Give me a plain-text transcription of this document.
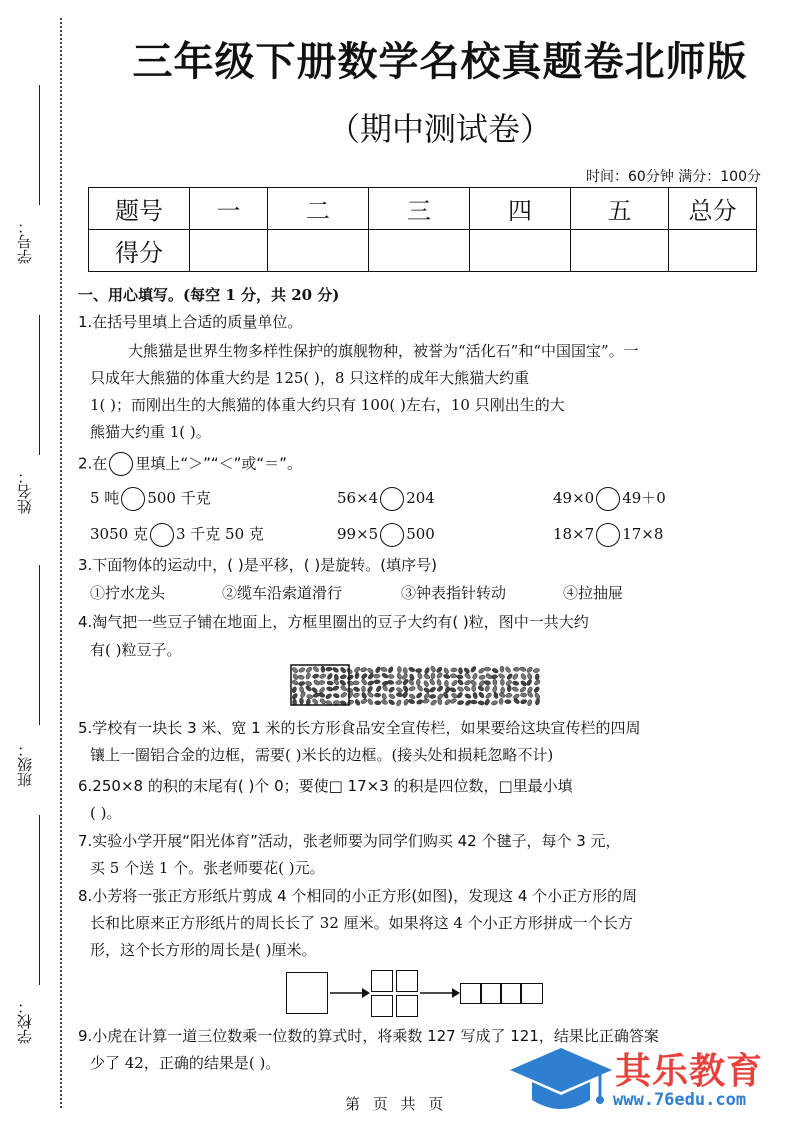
学号：
姓名：
班级：
学校：
三年级下册数学名校真题卷北师版
（期中测试卷）
时间：60分钟 满分：100分
题号	一	二	三	四	五	总分
得分						
一、用心填写。(每空 1 分，共 20 分)
1.在括号里填上合适的质量单位。
大熊猫是世界生物多样性保护的旗舰物种，被誉为“活化石”和“中国国宝”。一
只成年大熊猫的体重大约是 125( )，8 只这样的成年大熊猫大约重
1( )；而刚出生的大熊猫的体重大约只有 100( )左右，10 只刚出生的大
熊猫大约重 1( )。
2.在 里填上“＞”“＜”或“＝”。
5 吨 500 千克	56×4 204	49×0 49＋0
3050 克 3 千克 50 克	99×5 500	18×7 17×8
3.下面物体的运动中，( )是平移，( )是旋转。(填序号)
①拧水龙头	②缆车沿索道滑行	③钟表指针转动	④拉抽屉
4.淘气把一些豆子铺在地面上，方框里圈出的豆子大约有( )粒，图中一共大约
有( )粒豆子。
5.学校有一块长 3 米、宽 1 米的长方形食品安全宣传栏，如果要给这块宣传栏的四周
镶上一圈铝合金的边框，需要( )米长的边框。(接头处和损耗忽略不计)
6.250×8 的积的末尾有( )个 0；要使□ 17×3 的积是四位数，□里最小填
( )。
7.实验小学开展“阳光体育”活动，张老师要为同学们购买 42 个毽子，每个 3 元，
买 5 个送 1 个。张老师要花( )元。
8.小芳将一张正方形纸片剪成 4 个相同的小正方形(如图)，发现这 4 个小正方形的周
长和比原来正方形纸片的周长长了 32 厘米。如果将这 4 个小正方形拼成一个长方
形，这个长方形的周长是( )厘米。
9.小虎在计算一道三位数乘一位数的算式时，将乘数 127 写成了 121，结果比正确答案
少了 42，正确的结果是( )。
第 页 共 页
其乐教育
www.76edu.com
